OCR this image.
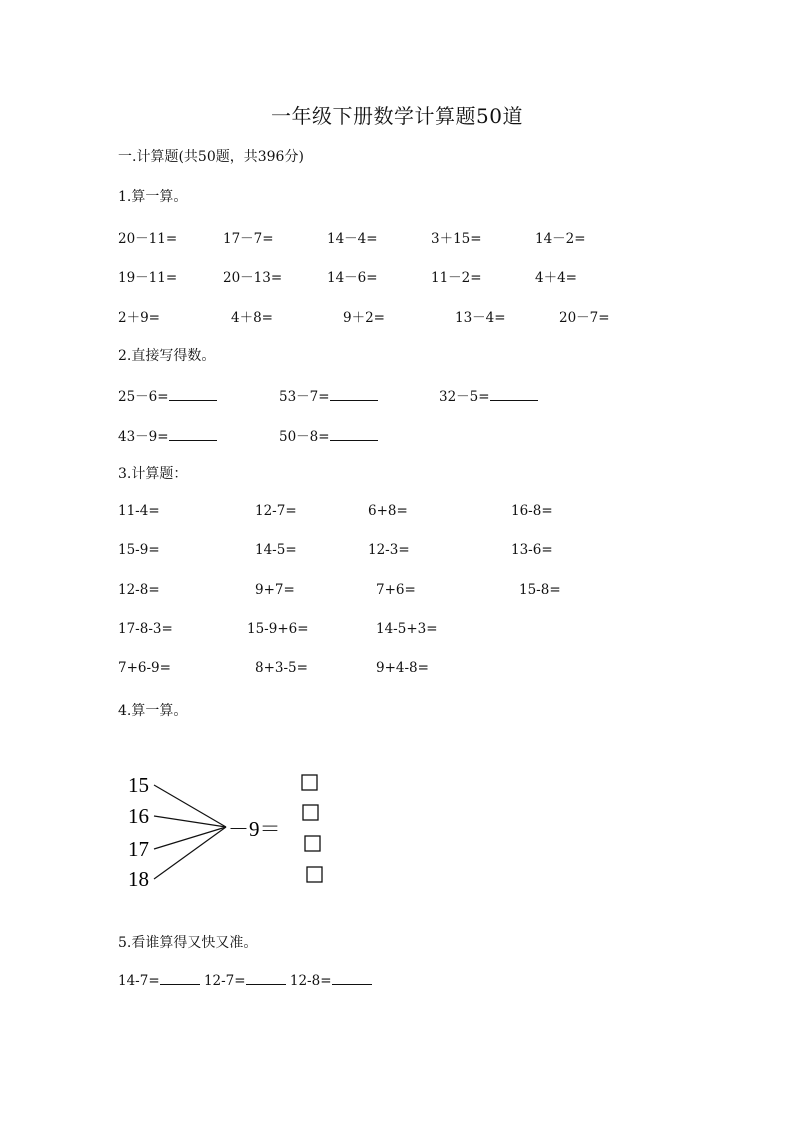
一年级下册数学计算题50道
一.计算题(共50题，共396分)
1.算一算。
20－11=	17－7=	14－4=	3＋15=	14－2=
19－11=	20－13=	14－6=	11－2=	4＋4=
2＋9=	4＋8=	9＋2=	13－4=	20－7=
2.直接写得数。
25－6=	53－7=	32－5=
43－9=	50－8=
3.计算题：
11-4=	12-7=	6+8=	16-8=
15-9=	14-5=	12-3=	13-6=
12-8=	9+7=	7+6=	15-8=
17-8-3=	15-9+6=	14-5+3=
7+6-9=	8+3-5=	9+4-8=
4.算一算。
15
16
17
18
－9＝
5.看谁算得又快又准。
14-7=	12-7=	12-8=
